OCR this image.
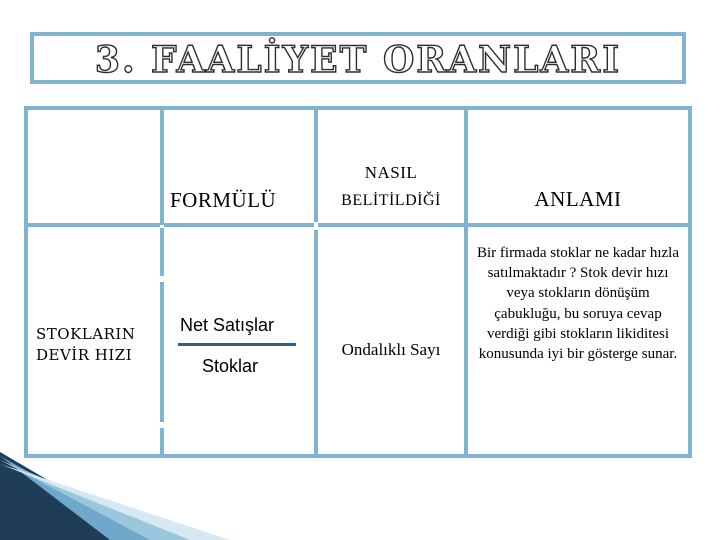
3. FAALİYET ORANLARI
FORMÜLÜ
NASIL
BELİTİLDİĞİ	ANLAMI
STOKLARIN
DEVİR HIZI
Net Satışlar
Stoklar
Ondalıklı Sayı
Bir firmada stoklar ne kadar hızla satılmaktadır ? Stok devir hızı veya stokların dönüşüm çabukluğu, bu soruya cevap verdiği gibi stokların likiditesi konusunda iyi bir gösterge sunar.
